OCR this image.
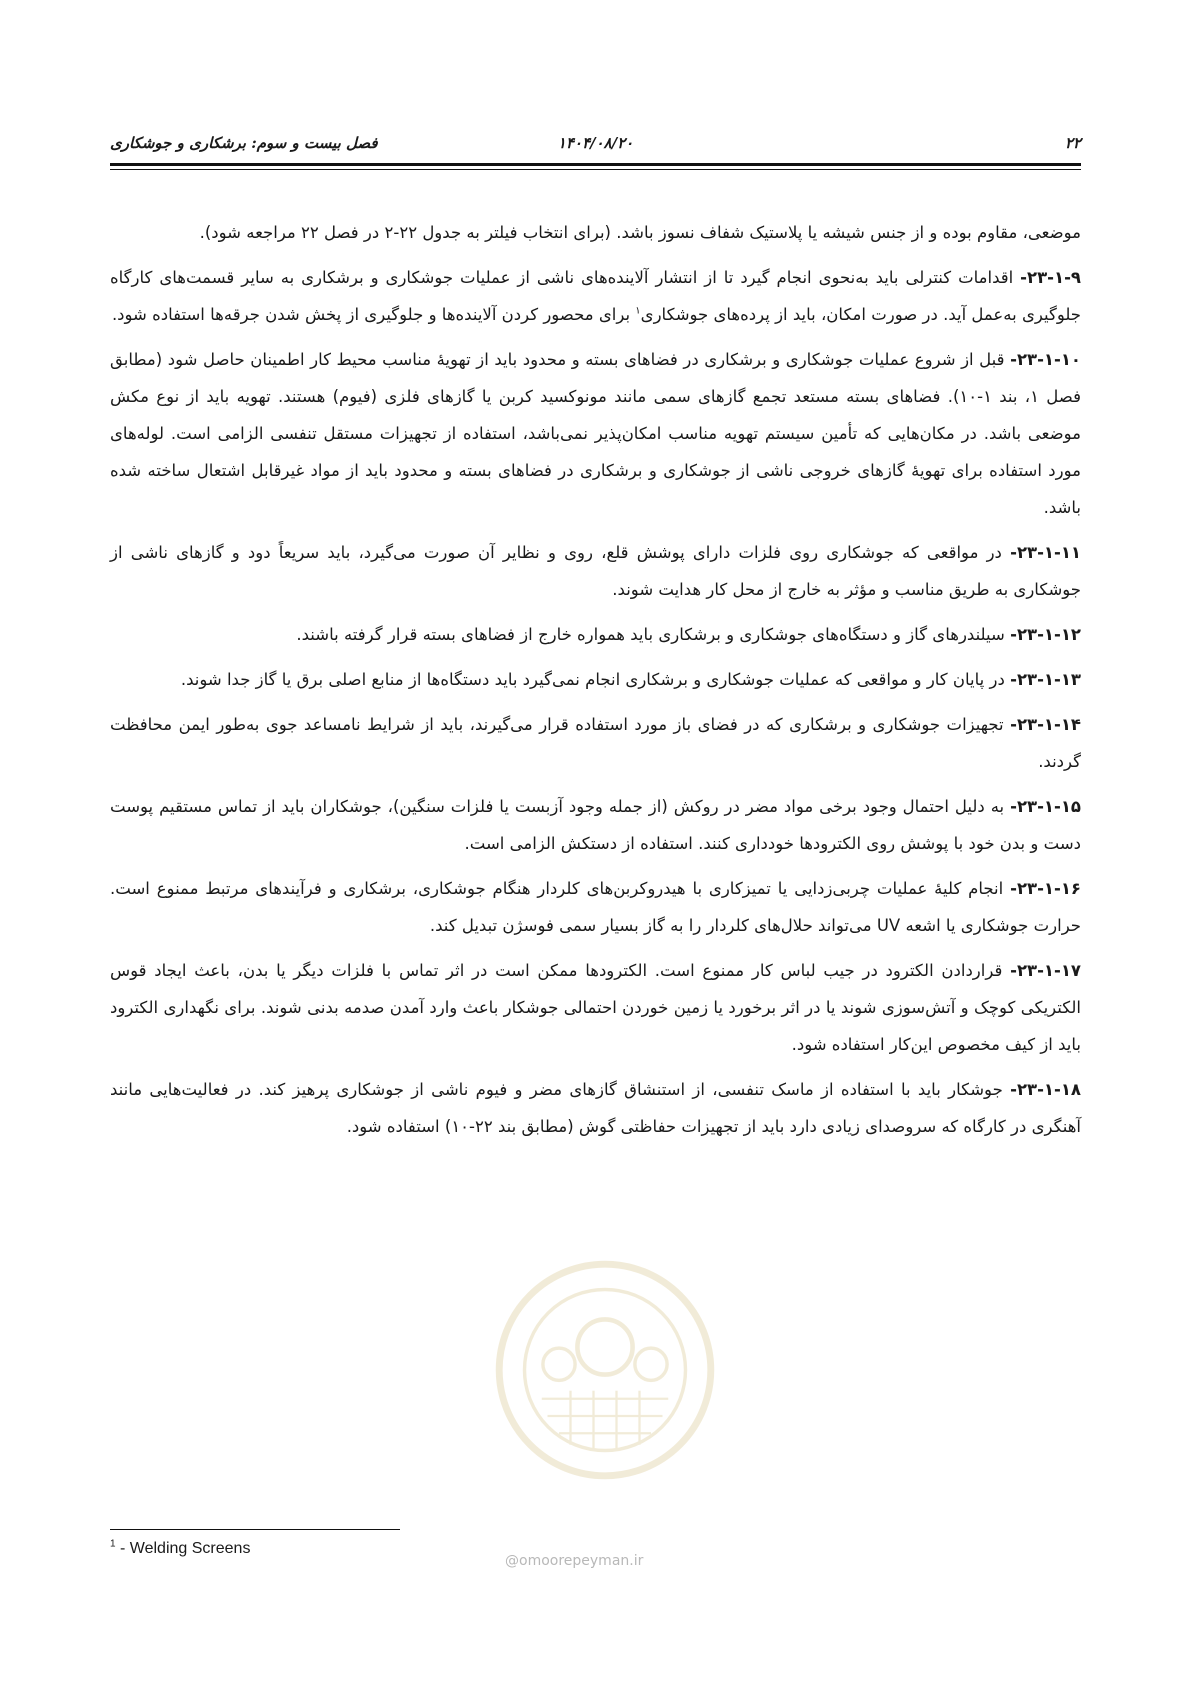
۲۲
۱۴۰۴/۰۸/۲۰
فصل بیست و سوم: برشکاری و جوشکاری

موضعی، مقاوم بوده و از جنس شیشه یا پلاستیک شفاف نسوز باشد. (برای انتخاب فیلتر به جدول ۲۲-۲ در فصل ۲۲ مراجعه شود).

۲۳-۱-۹- اقدامات کنترلی باید به‌نحوی انجام گیرد تا از انتشار آلاینده‌های ناشی از عملیات جوشکاری و برشکاری به سایر قسمت‌های کارگاه جلوگیری به‌عمل آید. در صورت امکان، باید از پرده‌های جوشکاری$^۱$ برای محصور کردن آلاینده‌ها و جلوگیری از پخش شدن جرقه‌ها استفاده شود.

۲۳-۱-۱۰- قبل از شروع عملیات جوشکاری و برشکاری در فضاهای بسته و محدود باید از تهویۀ مناسب محیط کار اطمینان حاصل شود (مطابق فصل ۱، بند ۱-۱۰). فضاهای بسته مستعد تجمع گازهای سمی مانند مونوکسید کربن یا گازهای فلزی (فیوم) هستند. تهویه باید از نوع مکش موضعی باشد. در مکان‌هایی که تأمین سیستم تهویه مناسب امکان‌پذیر نمی‌باشد، استفاده از تجهیزات مستقل تنفسی الزامی است. لوله‌های مورد استفاده برای تهویۀ گازهای خروجی ناشی از جوشکاری و برشکاری در فضاهای بسته و محدود باید از مواد غیرقابل اشتعال ساخته شده باشد.

۲۳-۱-۱۱- در مواقعی که جوشکاری روی فلزات دارای پوشش قلع، روی و نظایر آن صورت می‌گیرد، باید سریعاً دود و گازهای ناشی از جوشکاری به طریق مناسب و مؤثر به خارج از محل کار هدایت شوند.

۲۳-۱-۱۲- سیلندرهای گاز و دستگاه‌های جوشکاری و برشکاری باید همواره خارج از فضاهای بسته قرار گرفته باشند.

۲۳-۱-۱۳- در پایان کار و مواقعی که عملیات جوشکاری و برشکاری انجام نمی‌گیرد باید دستگاه‌ها از منابع اصلی برق یا گاز جدا شوند.

۲۳-۱-۱۴- تجهیزات جوشکاری و برشکاری که در فضای باز مورد استفاده قرار می‌گیرند، باید از شرایط نامساعد جوی به‌طور ایمن محافظت گردند.

۲۳-۱-۱۵- به دلیل احتمال وجود برخی مواد مضر در روکش (از جمله وجود آزبست یا فلزات سنگین)، جوشکاران باید از تماس مستقیم پوست دست و بدن خود با پوشش روی الکترودها خودداری کنند. استفاده از دستکش الزامی است.

۲۳-۱-۱۶- انجام کلیۀ عملیات چربی‌زدایی یا تمیزکاری با هیدروکربن‌های کلردار هنگام جوشکاری، برشکاری و فرآیندهای مرتبط ممنوع است. حرارت جوشکاری یا اشعه UV می‌تواند حلال‌های کلردار را به گاز بسیار سمی فوسژن تبدیل کند.

۲۳-۱-۱۷- قراردادن الکترود در جیب لباس کار ممنوع است. الکترودها ممکن است در اثر تماس با فلزات دیگر یا بدن، باعث ایجاد قوس الکتریکی کوچک و آتش‌سوزی شوند یا در اثر برخورد یا زمین خوردن احتمالی جوشکار باعث وارد آمدن صدمه بدنی شوند. برای نگهداری الکترود باید از کیف مخصوص این‌کار استفاده شود.

۲۳-۱-۱۸- جوشکار باید با استفاده از ماسک تنفسی، از استنشاق گازهای مضر و فیوم ناشی از جوشکاری پرهیز کند. در فعالیت‌هایی مانند آهنگری در کارگاه که سروصدای زیادی دارد باید از تجهیزات حفاظتی گوش (مطابق بند ۲۲-۱۰) استفاده شود.

@omoorepeyman.ir
$^1$ - Welding Screens
